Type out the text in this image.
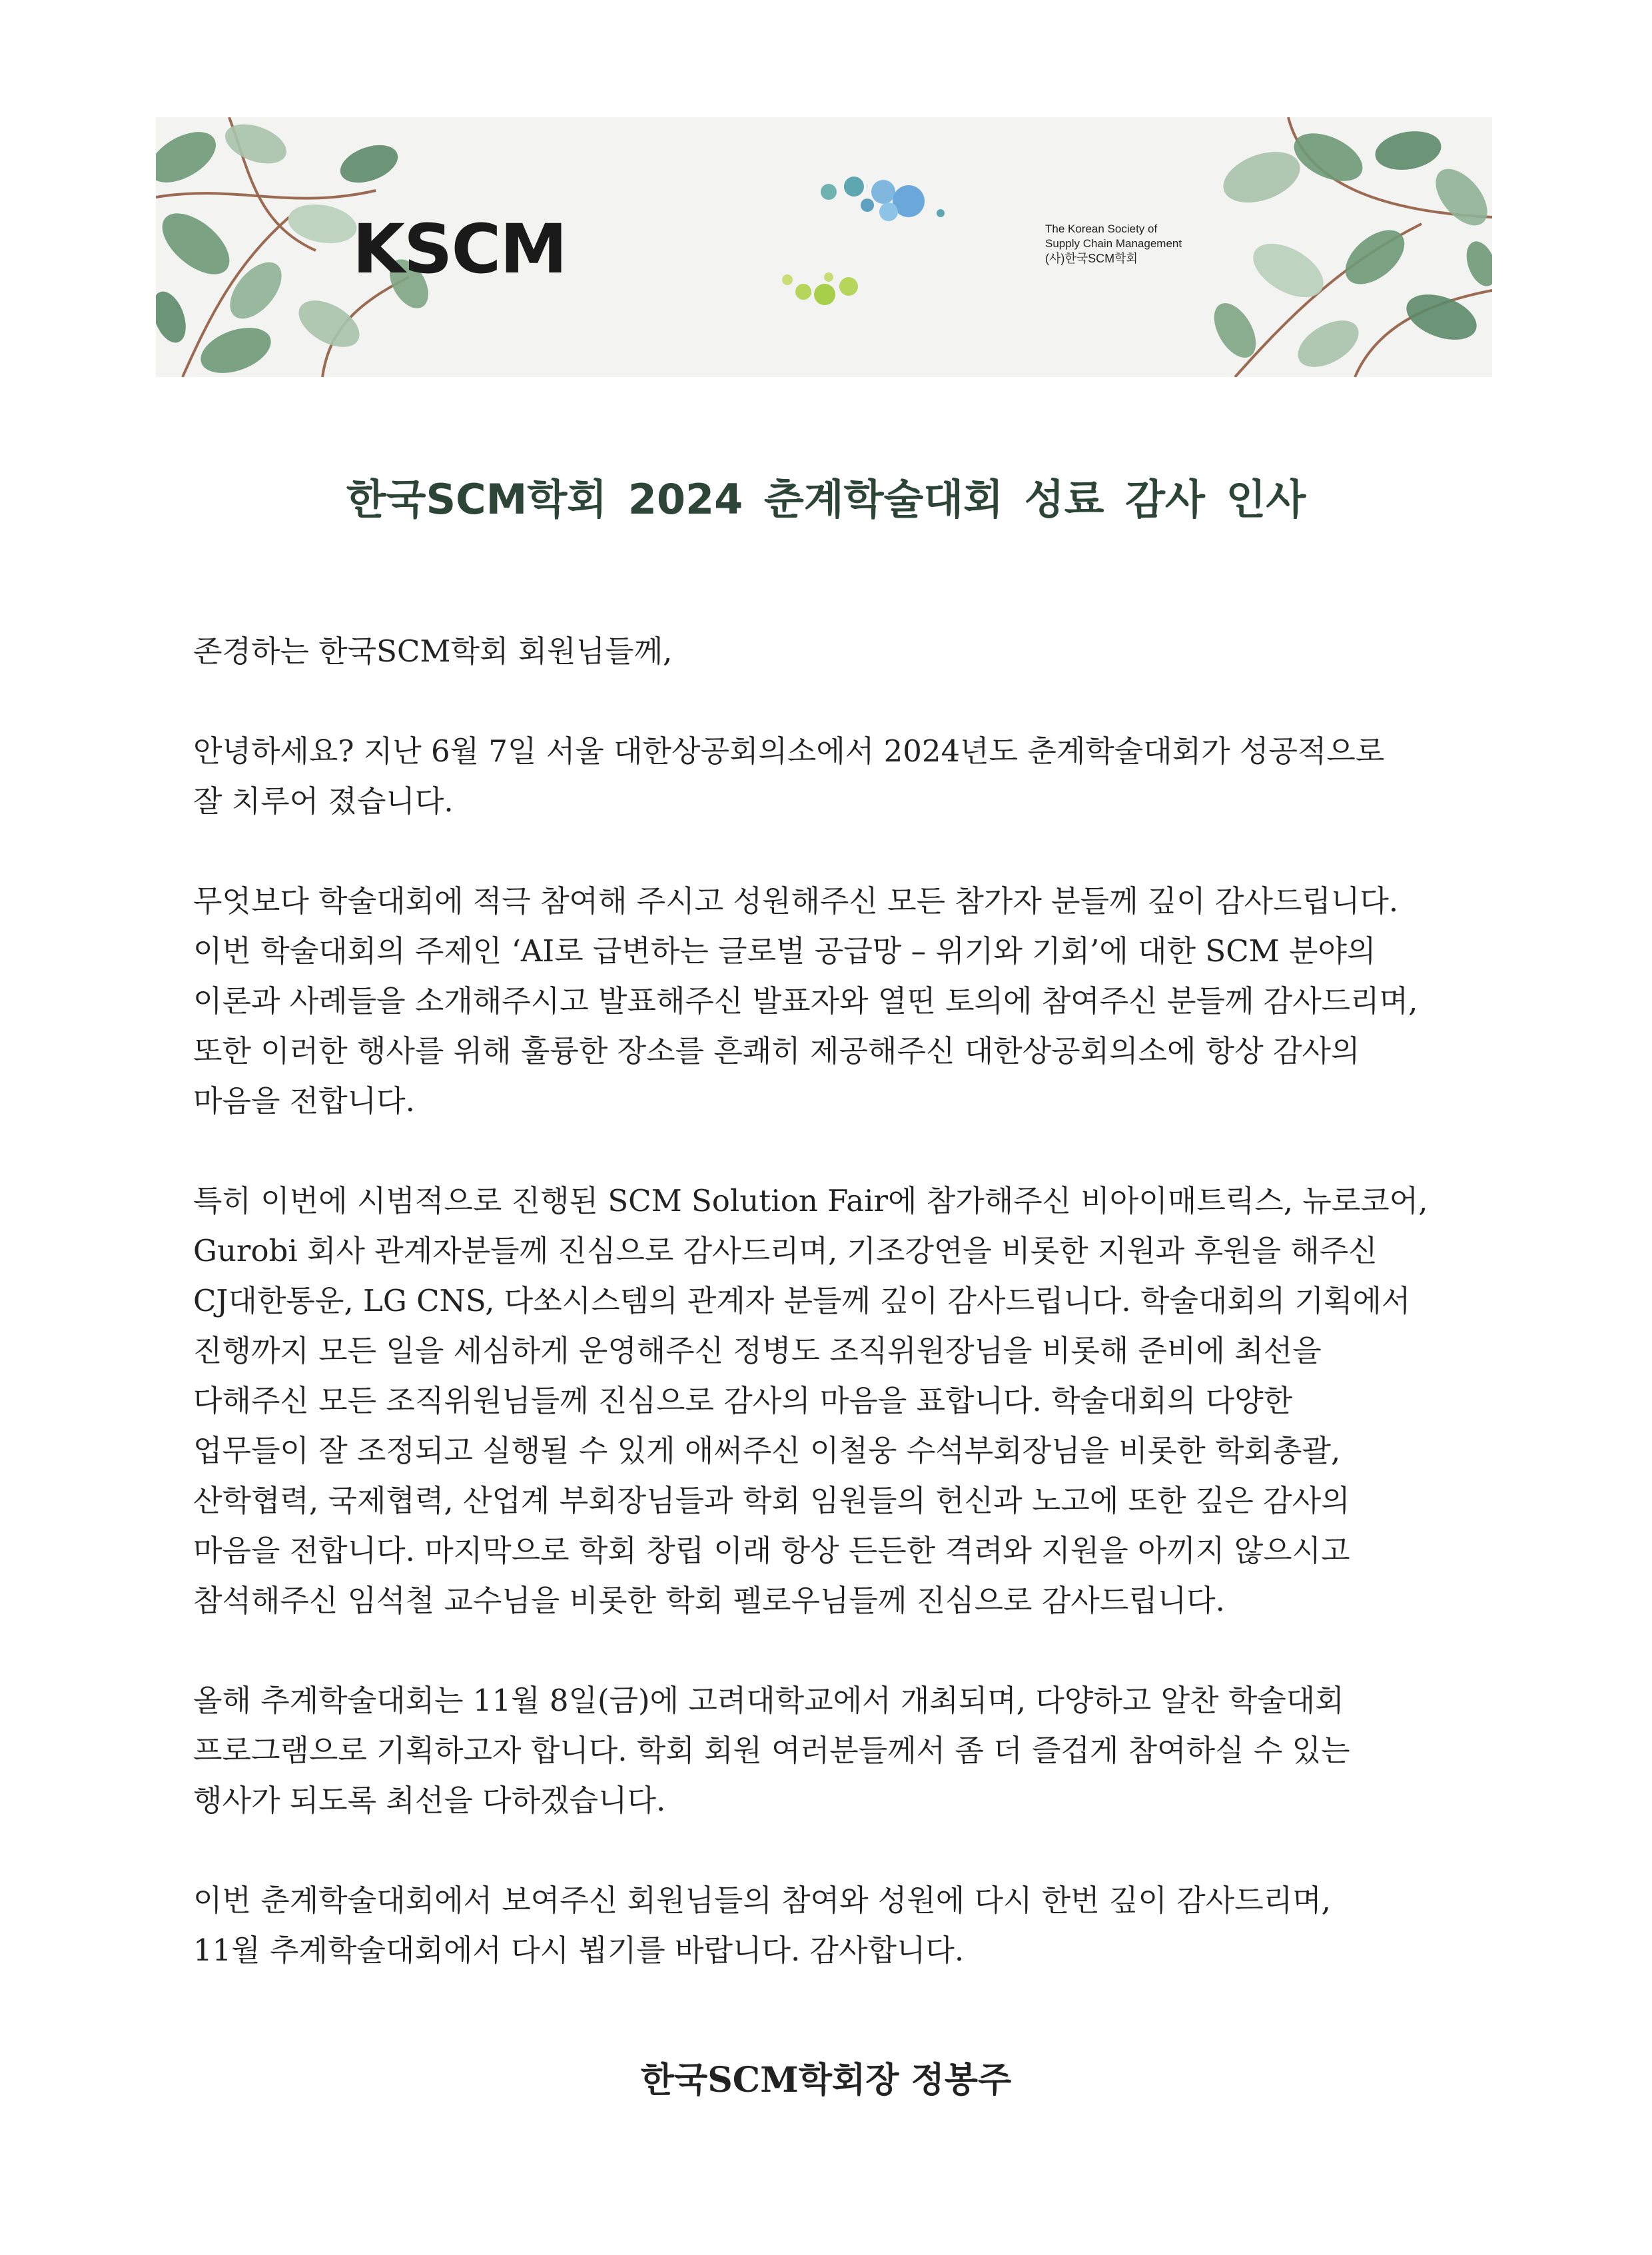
KSCM	The Korean Society of
Supply Chain Management
(사)한국SCM학회
한국SCM학회 2024 춘계학술대회 성료 감사 인사

존경하는 한국SCM학회 회원님들께,

안녕하세요? 지난 6월 7일 서울 대한상공회의소에서 2024년도 춘계학술대회가 성공적으로
잘 치루어 졌습니다.

무엇보다 학술대회에 적극 참여해 주시고 성원해주신 모든 참가자 분들께 깊이 감사드립니다.
이번 학술대회의 주제인 ‘AI로 급변하는 글로벌 공급망 – 위기와 기회’에 대한 SCM 분야의
이론과 사례들을 소개해주시고 발표해주신 발표자와 열띤 토의에 참여주신 분들께 감사드리며,
또한 이러한 행사를 위해 훌륭한 장소를 흔쾌히 제공해주신 대한상공회의소에 항상 감사의
마음을 전합니다.

특히 이번에 시범적으로 진행된 SCM Solution Fair에 참가해주신 비아이매트릭스, 뉴로코어,
Gurobi 회사 관계자분들께 진심으로 감사드리며, 기조강연을 비롯한 지원과 후원을 해주신
CJ대한통운, LG CNS, 다쏘시스템의 관계자 분들께 깊이 감사드립니다. 학술대회의 기획에서
진행까지 모든 일을 세심하게 운영해주신 정병도 조직위원장님을 비롯해 준비에 최선을
다해주신 모든 조직위원님들께 진심으로 감사의 마음을 표합니다. 학술대회의 다양한
업무들이 잘 조정되고 실행될 수 있게 애써주신 이철웅 수석부회장님을 비롯한 학회총괄,
산학협력, 국제협력, 산업계 부회장님들과 학회 임원들의 헌신과 노고에 또한 깊은 감사의
마음을 전합니다. 마지막으로 학회 창립 이래 항상 든든한 격려와 지원을 아끼지 않으시고
참석해주신 임석철 교수님을 비롯한 학회 펠로우님들께 진심으로 감사드립니다.

올해 추계학술대회는 11월 8일(금)에 고려대학교에서 개최되며, 다양하고 알찬 학술대회
프로그램으로 기획하고자 합니다. 학회 회원 여러분들께서 좀 더 즐겁게 참여하실 수 있는
행사가 되도록 최선을 다하겠습니다.

이번 춘계학술대회에서 보여주신 회원님들의 참여와 성원에 다시 한번 깊이 감사드리며,
11월 추계학술대회에서 다시 뵙기를 바랍니다. 감사합니다.

한국SCM학회장 정봉주
